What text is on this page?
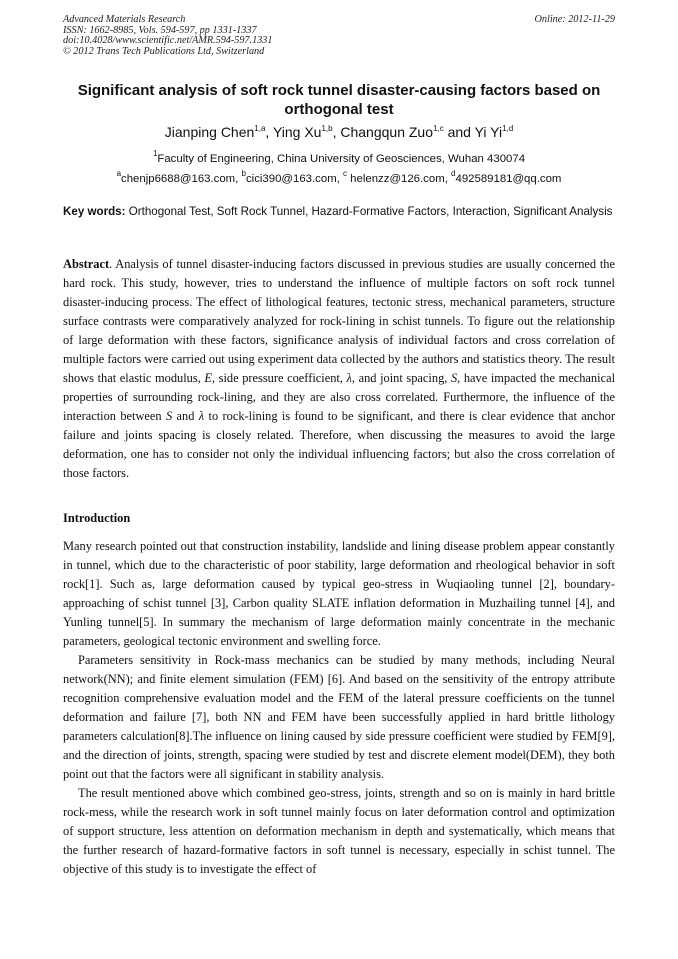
Advanced Materials Research
ISSN: 1662-8985, Vols. 594-597, pp 1331-1337
doi:10.4028/www.scientific.net/AMR.594-597.1331
© 2012 Trans Tech Publications Ltd, Switzerland
Online: 2012-11-29
Significant analysis of soft rock tunnel disaster-causing factors based on orthogonal test
Jianping Chen$^{1,a}$, Ying Xu$^{1,b}$, Changqun Zuo$^{1,c}$ and Yi Yi$^{1,d}$
$^1$Faculty of Engineering, China University of Geosciences, Wuhan 430074
$^a$chenjp6688@163.com, $^b$cici390@163.com, $^c$ helenzz@126.com, $^d$492589181@qq.com
Key words: Orthogonal Test, Soft Rock Tunnel, Hazard-Formative Factors, Interaction, Significant Analysis
Abstract. Analysis of tunnel disaster-inducing factors discussed in previous studies are usually concerned the hard rock. This study, however, tries to understand the influence of multiple factors on soft rock tunnel disaster-inducing process. The effect of lithological features, tectonic stress, mechanical parameters, structure surface contrasts were comparatively analyzed for rock-lining in schist tunnels. To figure out the relationship of large deformation with these factors, significance analysis of individual factors and cross correlation of multiple factors were carried out using experiment data collected by the authors and statistics theory. The result shows that elastic modulus, E, side pressure coefficient, λ, and joint spacing, S, have impacted the mechanical properties of surrounding rock-lining, and they are also cross correlated. Furthermore, the influence of the interaction between S and λ to rock-lining is found to be significant, and there is clear evidence that anchor failure and joints spacing is closely related. Therefore, when discussing the measures to avoid the large deformation, one has to consider not only the individual influencing factors; but also the cross correlation of those factors.
Introduction

Many research pointed out that construction instability, landslide and lining disease problem appear constantly in tunnel, which due to the characteristic of poor stability, large deformation and rheological behavior in soft rock[1]. Such as, large deformation caused by typical geo-stress in Wuqiaoling tunnel [2], boundary-approaching of schist tunnel [3], Carbon quality SLATE inflation deformation in Muzhailing tunnel [4], and Yunling tunnel[5]. In summary the mechanism of large deformation mainly concentrate in the mechanic parameters, geological tectonic environment and swelling force.

Parameters sensitivity in Rock-mass mechanics can be studied by many methods, including Neural network(NN); and finite element simulation (FEM) [6]. And based on the sensitivity of the entropy attribute recognition comprehensive evaluation model and the FEM of the lateral pressure coefficients on the tunnel deformation and failure [7], both NN and FEM have been successfully applied in hard brittle lithology parameters calculation[8].The influence on lining caused by side pressure coefficient were studied by FEM[9], and the direction of joints, strength, spacing were studied by test and discrete element model(DEM), they both point out that the factors were all significant in stability analysis.

The result mentioned above which combined geo-stress, joints, strength and so on is mainly in hard brittle rock-mess, while the research work in soft tunnel mainly focus on later deformation control and optimization of support structure, less attention on deformation mechanism in depth and systematically, which means that the further research of hazard-formative factors in soft tunnel is necessary, especially in schist tunnel. The objective of this study is to investigate the effect of
